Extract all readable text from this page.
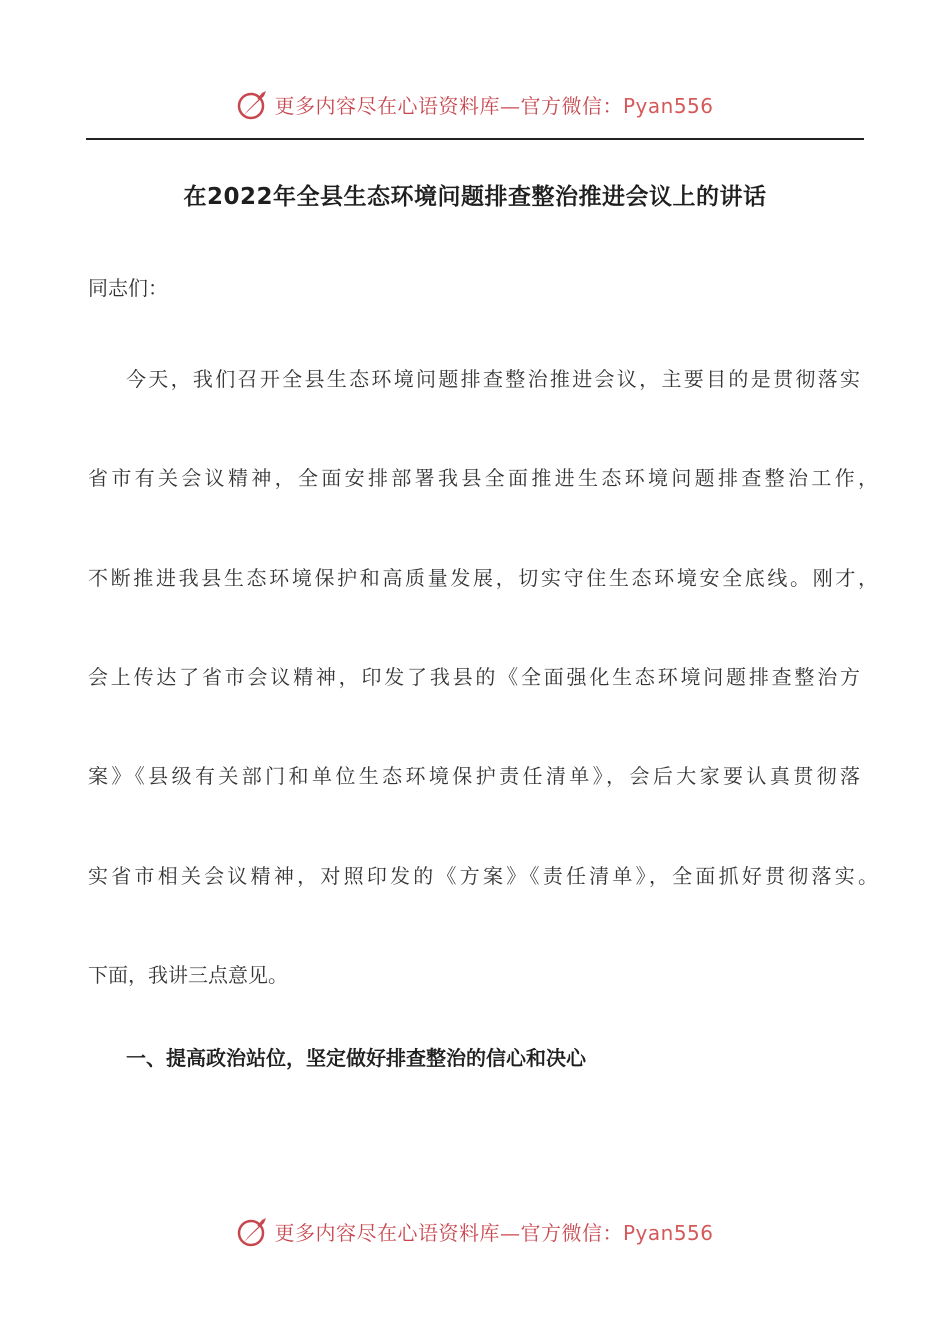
更多内容尽在心语资料库—官方微信：Pyan556
在2022年全县生态环境问题排查整治推进会议上的讲话
同志们：
今天，我们召开全县生态环境问题排查整治推进会议，主要目的是贯彻落实
省市有关会议精神，全面安排部署我县全面推进生态环境问题排查整治工作，
不断推进我县生态环境保护和高质量发展，切实守住生态环境安全底线。刚才，
会上传达了省市会议精神，印发了我县的《全面强化生态环境问题排查整治方
案》《县级有关部门和单位生态环境保护责任清单》，会后大家要认真贯彻落
实省市相关会议精神，对照印发的《方案》《责任清单》，全面抓好贯彻落实。
下面，我讲三点意见。
一、提高政治站位，坚定做好排查整治的信心和决心
更多内容尽在心语资料库—官方微信：Pyan556
